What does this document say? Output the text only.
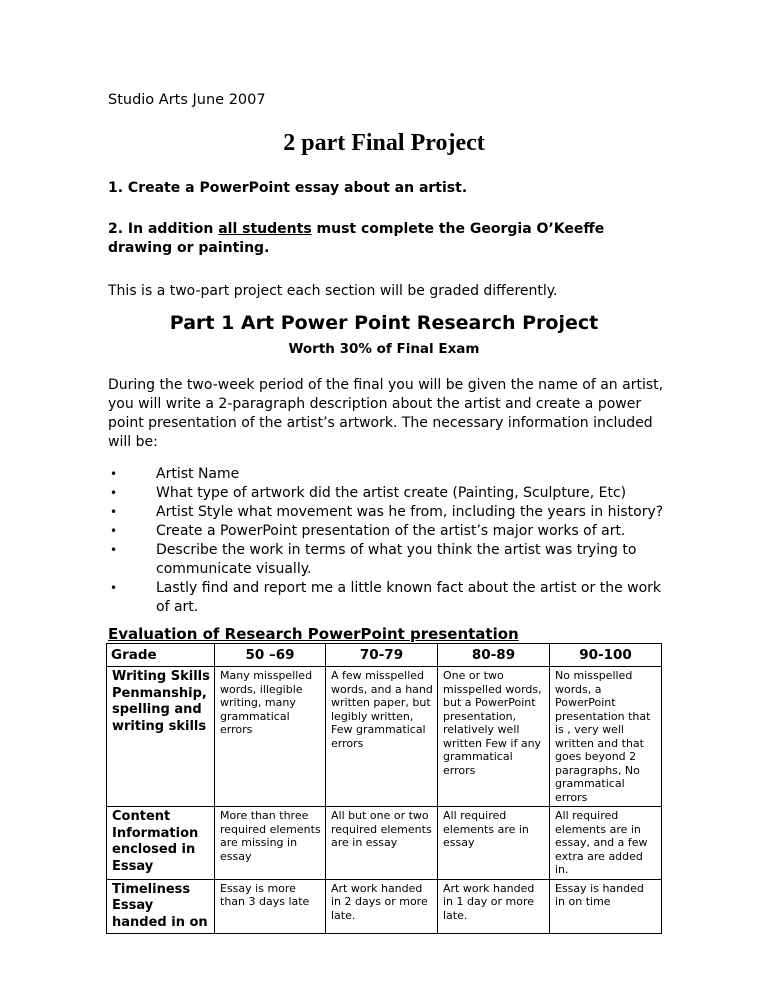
Studio Arts June 2007
2 part Final Project
1. Create a PowerPoint essay about an artist.
2. In addition all students must complete the Georgia O’Keeffe drawing or painting.
This is a two-part project each section will be graded differently.
Part 1 Art Power Point Research Project
Worth 30% of Final Exam
During the two-week period of the final you will be given the name of an artist, you will write a 2-paragraph description about the artist and create a power point presentation of the artist’s artwork. The necessary information included will be:
•	Artist Name
•	What type of artwork did the artist create (Painting, Sculpture, Etc)
•	Artist Style what movement was he from, including the years in history?
•	Create a PowerPoint presentation of the artist’s major works of art.
•	Describe the work in terms of what you think the artist was trying to communicate visually.
•	Lastly find and report me a little known fact about the artist or the work of art.
Evaluation of Research PowerPoint presentation
Grade	50 –69	70-79	80-89	90-100
Writing Skills Penmanship, spelling and writing skills	Many misspelled words, illegible writing, many grammatical errors	A few misspelled words, and a hand written paper, but legibly written, Few grammatical errors	One or two misspelled words, but a PowerPoint presentation, relatively well written Few if any grammatical errors	No misspelled words, a PowerPoint presentation that is , very well written and that goes beyond 2 paragraphs, No grammatical errors
Content Information enclosed in Essay	More than three required elements are missing in essay	All but one or two required elements are in essay	All required elements are in essay	All required elements are in essay, and a few extra are added in.
Timeliness Essay handed in on	Essay is more than 3 days late	Art work handed in 2 days or more late.	Art work handed in 1 day or more late.	Essay is handed in on time
